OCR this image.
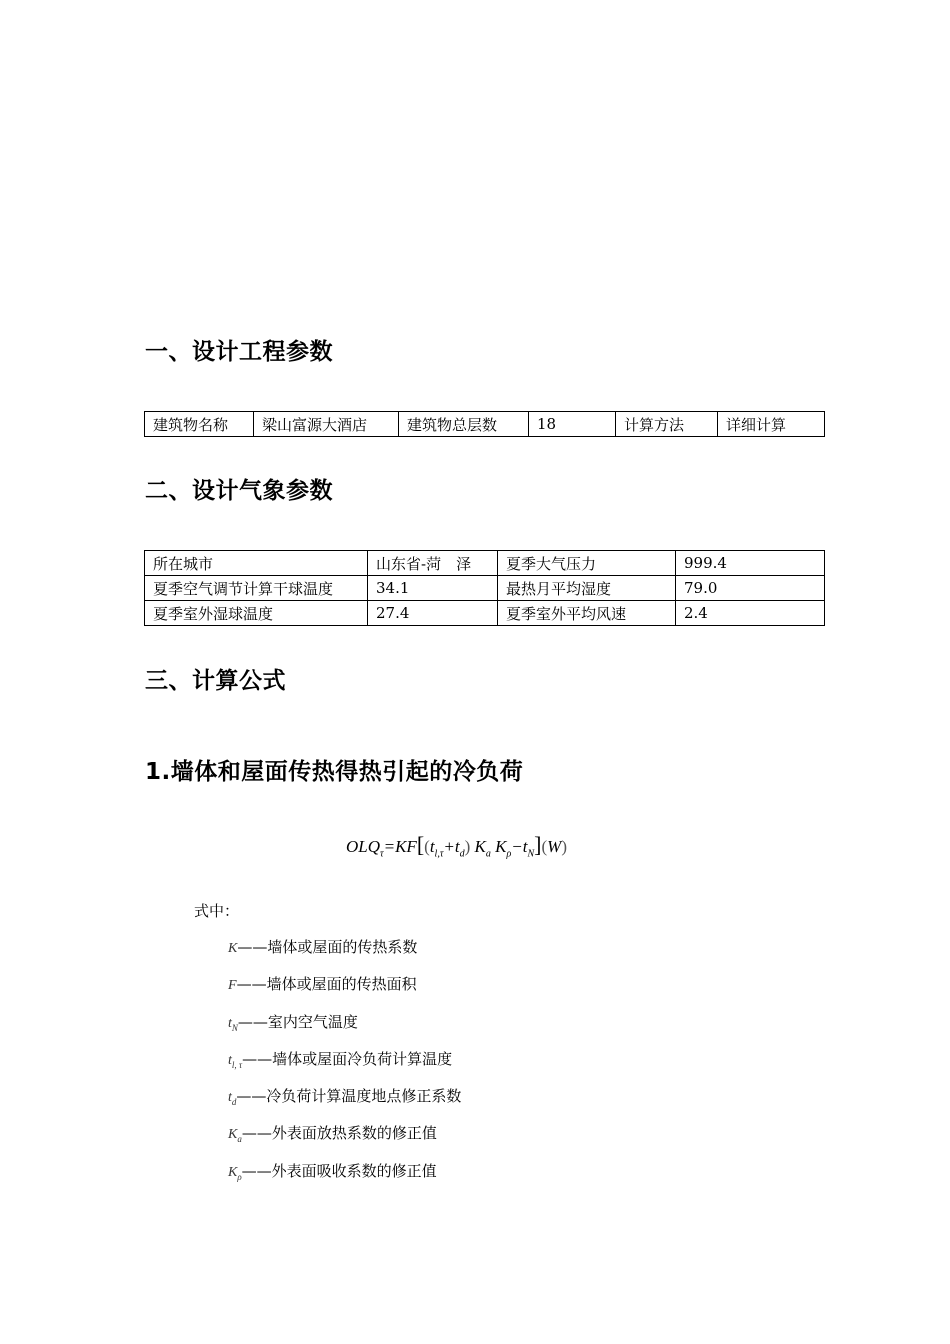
一、设计工程参数
建筑物名称	梁山富源大酒店	建筑物总层数	18	计算方法	详细计算
二、设计气象参数
所在城市	山东省-菏　泽	夏季大气压力	999.4
夏季空气调节计算干球温度	34.1	最热月平均湿度	79.0
夏季室外湿球温度	27.4	夏季室外平均风速	2.4
三、计算公式
1.墙体和屋面传热得热引起的冷负荷
$OLQ_\tau=KF[(t_{l,\tau}+t_d)$ $K_a$ $K_\rho-t_N](W)$
式中：
K——墙体或屋面的传热系数
F——墙体或屋面的传热面积
$t_N——$室内空气温度
$t_{l, \tau}——$墙体或屋面冷负荷计算温度
$t_d——$冷负荷计算温度地点修正系数
$K_a——$外表面放热系数的修正值
$K_\rho——$外表面吸收系数的修正值
